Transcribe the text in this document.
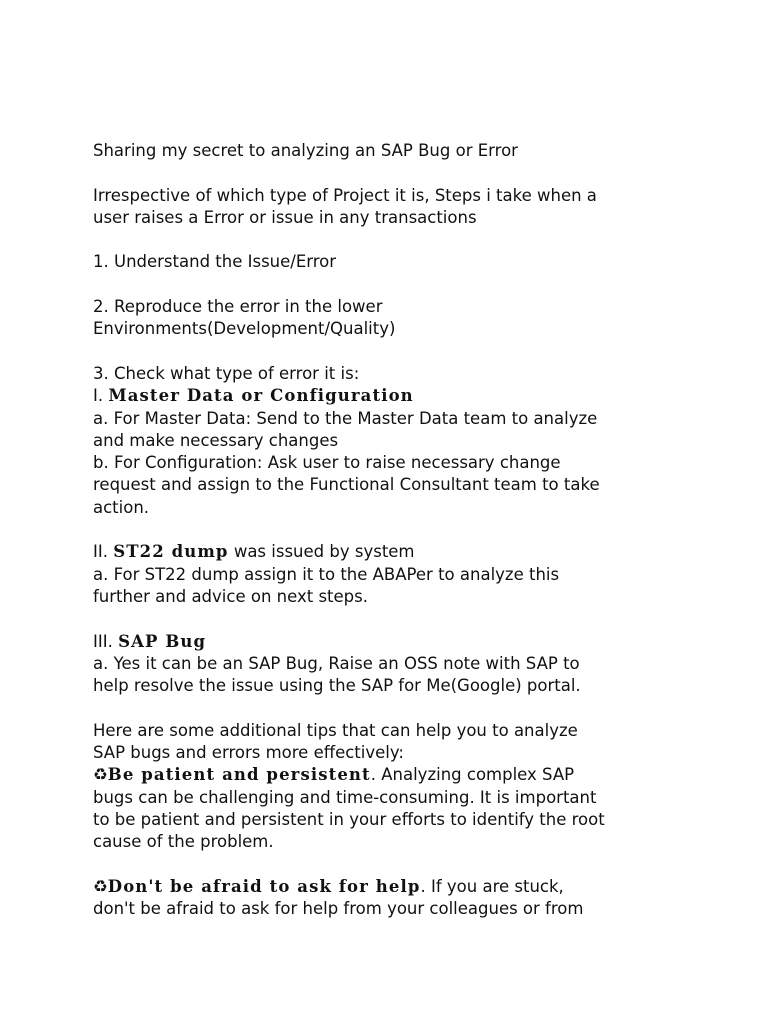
Sharing my secret to analyzing an SAP Bug or Error

Irrespective of which type of Project it is, Steps i take when a

user raises a Error or issue in any transactions

1. Understand the Issue/Error

2. Reproduce the error in the lower

Environments(Development/Quality)

3. Check what type of error it is:

I. Master Data or Configuration

a. For Master Data: Send to the Master Data team to analyze

and make necessary changes

b. For Configuration: Ask user to raise necessary change

request and assign to the Functional Consultant team to take

action.

II. ST22 dump was issued by system

a. For ST22 dump assign it to the ABAPer to analyze this

further and advice on next steps.

III. SAP Bug

a. Yes it can be an SAP Bug, Raise an OSS note with SAP to

help resolve the issue using the SAP for Me(Google) portal.

Here are some additional tips that can help you to analyze

SAP bugs and errors more effectively:

♻Be patient and persistent. Analyzing complex SAP

bugs can be challenging and time-consuming. It is important

to be patient and persistent in your efforts to identify the root

cause of the problem.

♻Don't be afraid to ask for help. If you are stuck,

don't be afraid to ask for help from your colleagues or from
